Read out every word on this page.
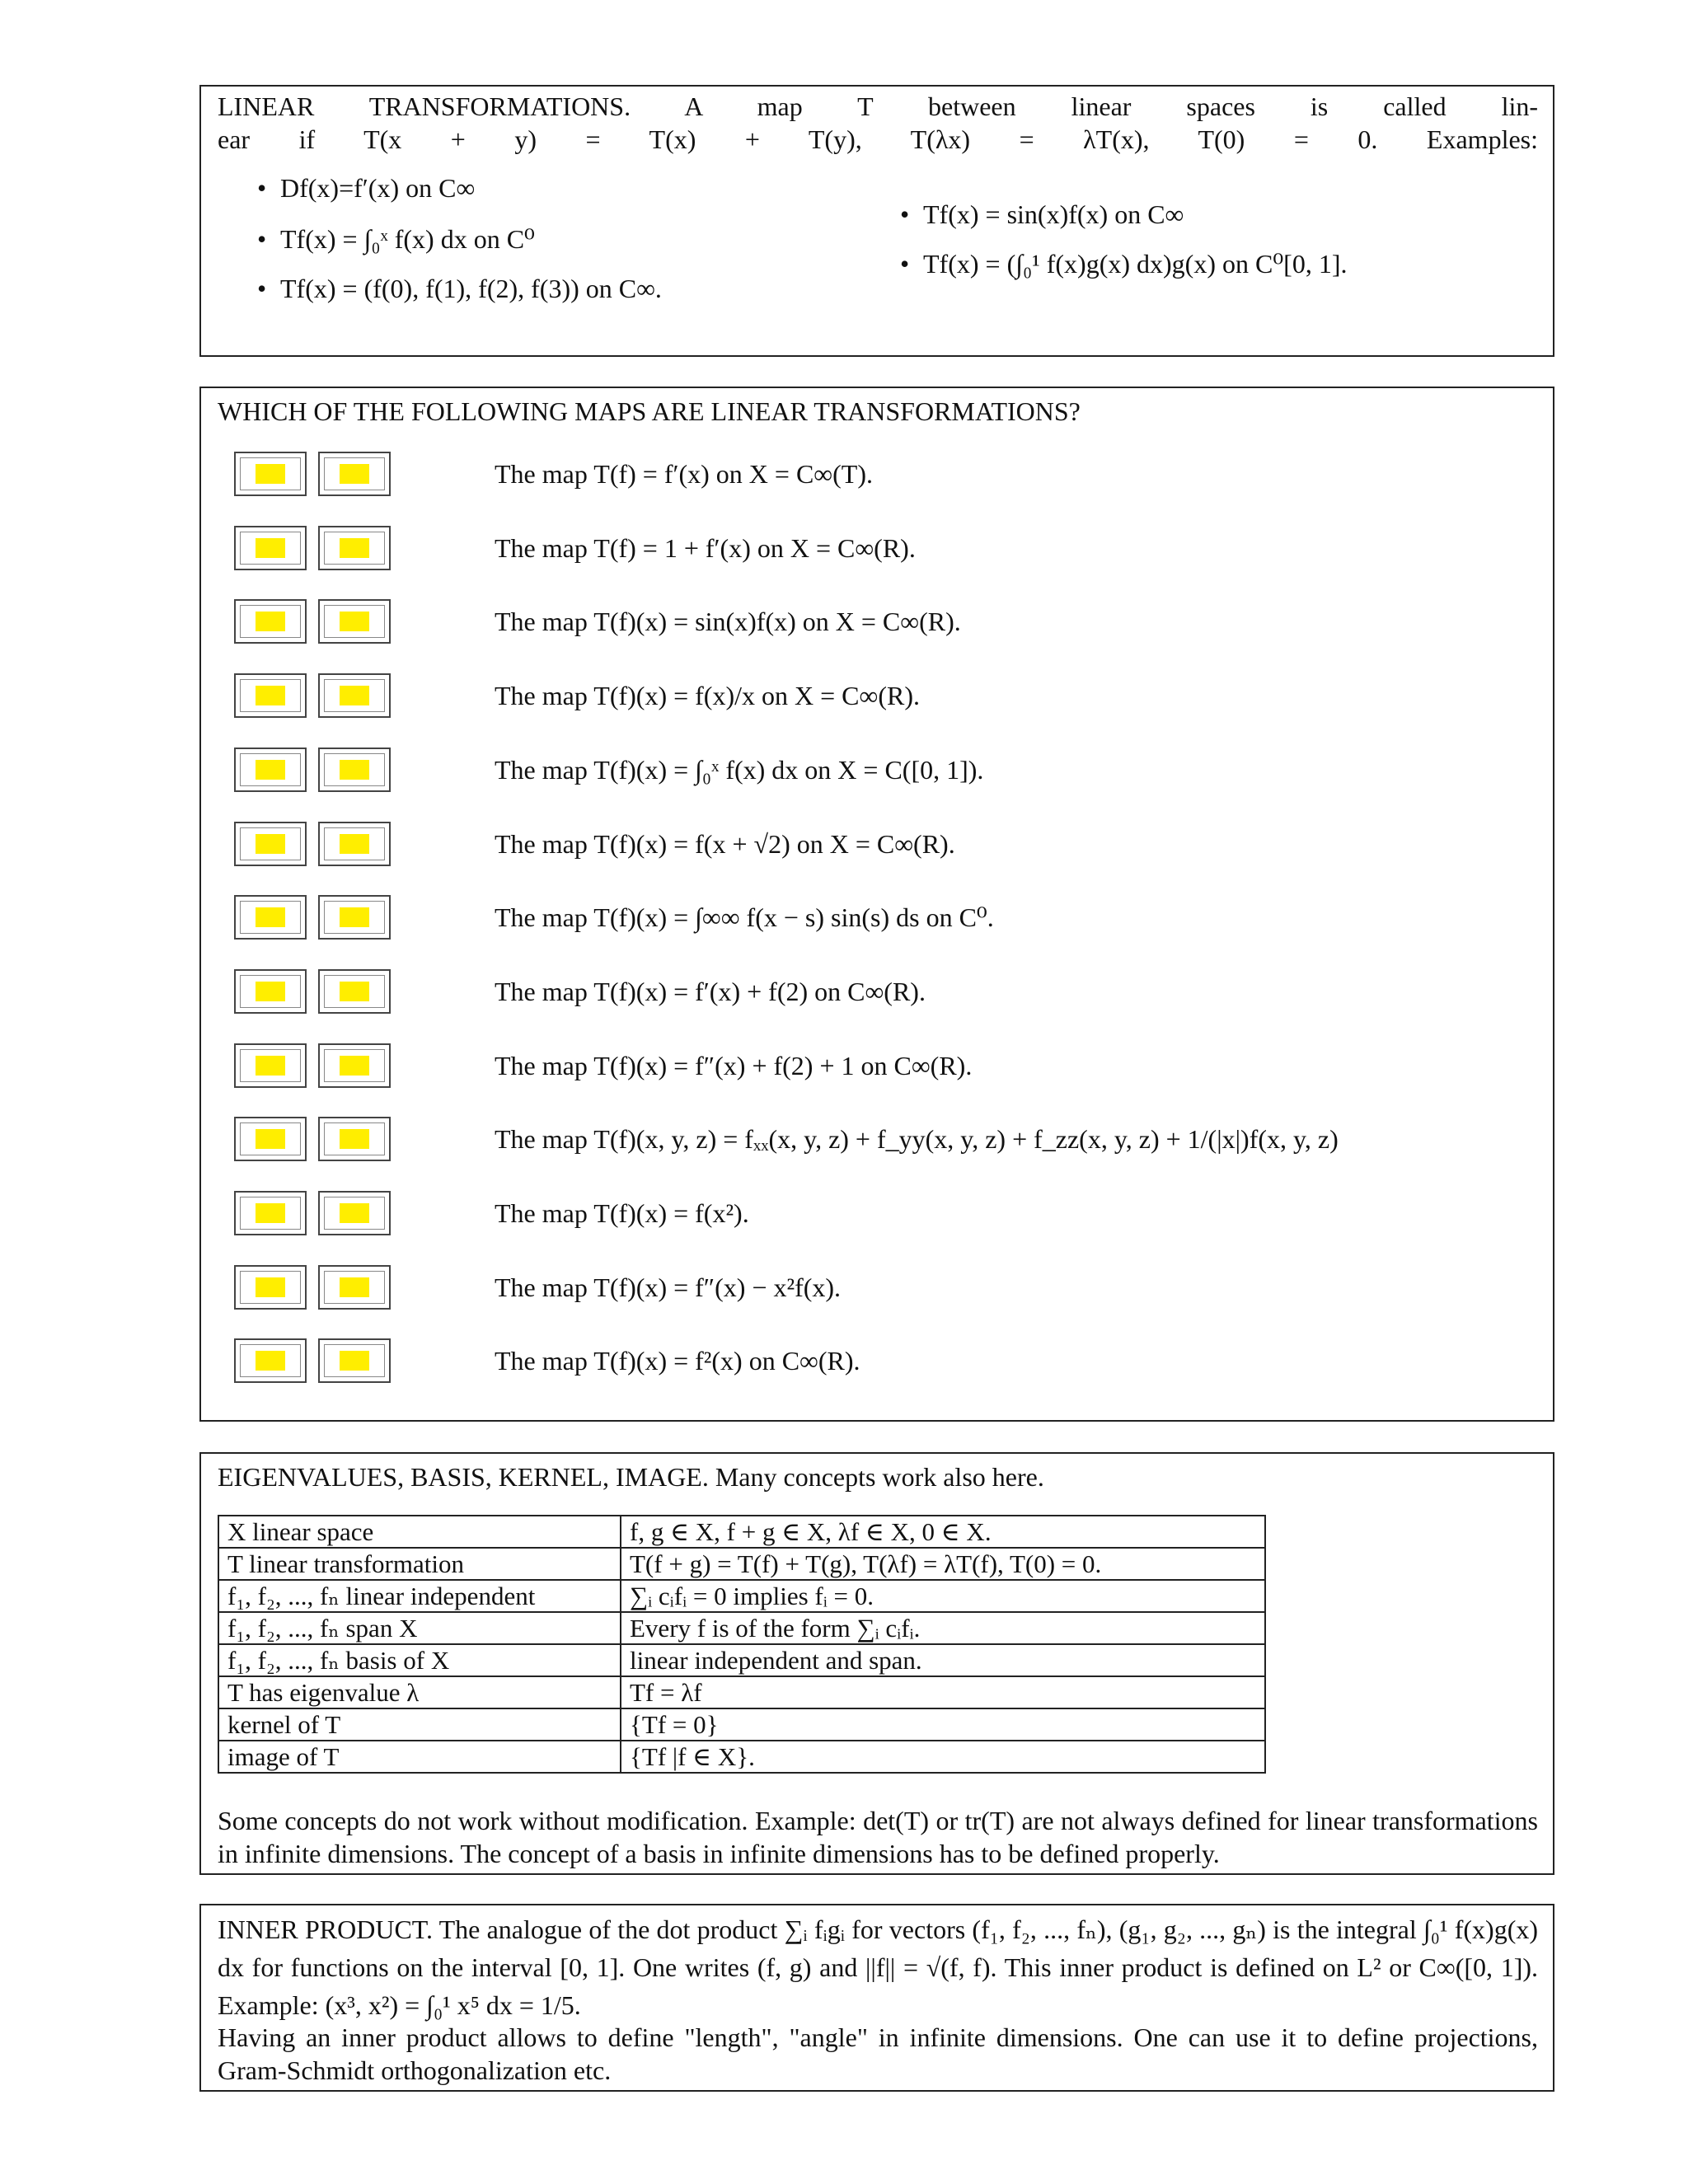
LINEAR TRANSFORMATIONS. A map T between linear spaces is called lin-
ear if T(x + y) = T(x) + T(y), T(λx) = λT(x), T(0) = 0. Examples:
• Df(x)=f′(x) on C∞
• Tf(x) = ∫₀ˣ f(x) dx on C⁰
• Tf(x) = (f(0), f(1), f(2), f(3)) on C∞.
• Tf(x) = sin(x)f(x) on C∞
• Tf(x) = (∫₀¹ f(x)g(x) dx)g(x) on C⁰[0, 1].
WHICH OF THE FOLLOWING MAPS ARE LINEAR TRANSFORMATIONS?
The map T(f) = f′(x) on X = C∞(T).
The map T(f) = 1 + f′(x) on X = C∞(R).
The map T(f)(x) = sin(x)f(x) on X = C∞(R).
The map T(f)(x) = f(x)/x on X = C∞(R).
The map T(f)(x) = ∫₀ˣ f(x) dx on X = C([0, 1]).
The map T(f)(x) = f(x + √2) on X = C∞(R).
The map T(f)(x) = ∫∞∞ f(x − s) sin(s) ds on C⁰.
The map T(f)(x) = f′(x) + f(2) on C∞(R).
The map T(f)(x) = f″(x) + f(2) + 1 on C∞(R).
The map T(f)(x, y, z) = fₓₓ(x, y, z) + f_yy(x, y, z) + f_zz(x, y, z) + 1/(|x|)f(x, y, z)
The map T(f)(x) = f(x²).
The map T(f)(x) = f″(x) − x²f(x).
The map T(f)(x) = f²(x) on C∞(R).
EIGENVALUES, BASIS, KERNEL, IMAGE. Many concepts work also here.
X linear space	f, g ∈ X, f + g ∈ X, λf ∈ X, 0 ∈ X.
T linear transformation	T(f + g) = T(f) + T(g), T(λf) = λT(f), T(0) = 0.
f₁, f₂, ..., fₙ linear independent	∑ᵢ cᵢfᵢ = 0 implies fᵢ = 0.
f₁, f₂, ..., fₙ span X	Every f is of the form ∑ᵢ cᵢfᵢ.
f₁, f₂, ..., fₙ basis of X	linear independent and span.
T has eigenvalue λ	Tf = λf
kernel of T	{Tf = 0}
image of T	{Tf |f ∈ X}.
Some concepts do not work without modification. Example: det(T) or tr(T) are not always defined for linear transformations in infinite dimensions. The concept of a basis in infinite dimensions has to be defined properly.
INNER PRODUCT. The analogue of the dot product ∑ᵢ fᵢgᵢ for vectors (f₁, f₂, ..., fₙ), (g₁, g₂, ..., gₙ) is the integral ∫₀¹ f(x)g(x) dx for functions on the interval [0, 1]. One writes (f, g) and ||f|| = √(f, f). This inner product is defined on L² or C∞([0, 1]). Example: (x³, x²) = ∫₀¹ x⁵ dx = 1/5.
Having an inner product allows to define "length", "angle" in infinite dimensions. One can use it to define projections, Gram-Schmidt orthogonalization etc.
